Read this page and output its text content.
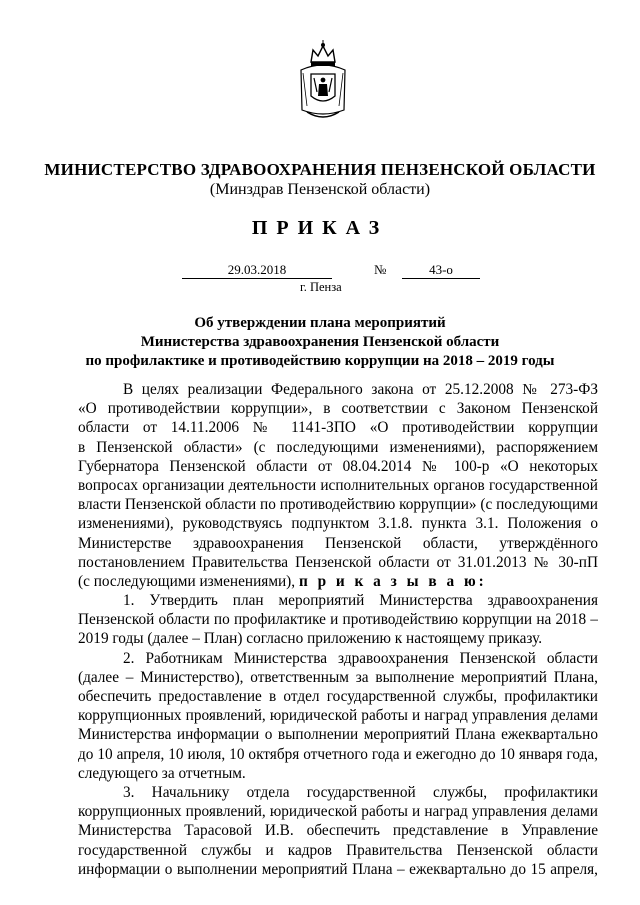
МИНИСТЕРСТВО ЗДРАВООХРАНЕНИЯ ПЕНЗЕНСКОЙ ОБЛАСТИ
(Минздрав Пензенской области)
ПРИКАЗ
29.03.2018	№	43-о
г. Пенза
Об утверждении плана мероприятий
Министерства здравоохранения Пензенской области
по профилактике и противодействию коррупции на 2018 – 2019 годы
В целях реализации Федерального закона от 25.12.2008 № 273-ФЗ
«О противодействии коррупции», в соответствии с Законом Пензенской
области от 14.11.2006 № 1141-ЗПО «О противодействии коррупции
в Пензенской области» (с последующими изменениями), распоряжением
Губернатора Пензенской области от 08.04.2014 № 100-р «О некоторых
вопросах организации деятельности исполнительных органов государственной
власти Пензенской области по противодействию коррупции» (с последующими
изменениями), руководствуясь подпунктом 3.1.8. пункта 3.1. Положения о
Министерстве здравоохранения Пензенской области, утверждённого
постановлением Правительства Пензенской области от 31.01.2013 № 30-пП
(с последующими изменениями), п р и к а з ы в а ю:
1. Утвердить план мероприятий Министерства здравоохранения
Пензенской области по профилактике и противодействию коррупции на 2018 –
2019 годы (далее – План) согласно приложению к настоящему приказу.
2. Работникам Министерства здравоохранения Пензенской области
(далее – Министерство), ответственным за выполнение мероприятий Плана,
обеспечить предоставление в отдел государственной службы, профилактики
коррупционных проявлений, юридической работы и наград управления делами
Министерства информации о выполнении мероприятий Плана ежеквартально
до 10 апреля, 10 июля, 10 октября отчетного года и ежегодно до 10 января года,
следующего за отчетным.
3. Начальнику отдела государственной службы, профилактики
коррупционных проявлений, юридической работы и наград управления делами
Министерства Тарасовой И.В. обеспечить представление в Управление
государственной службы и кадров Правительства Пензенской области
информации о выполнении мероприятий Плана – ежеквартально до 15 апреля,
